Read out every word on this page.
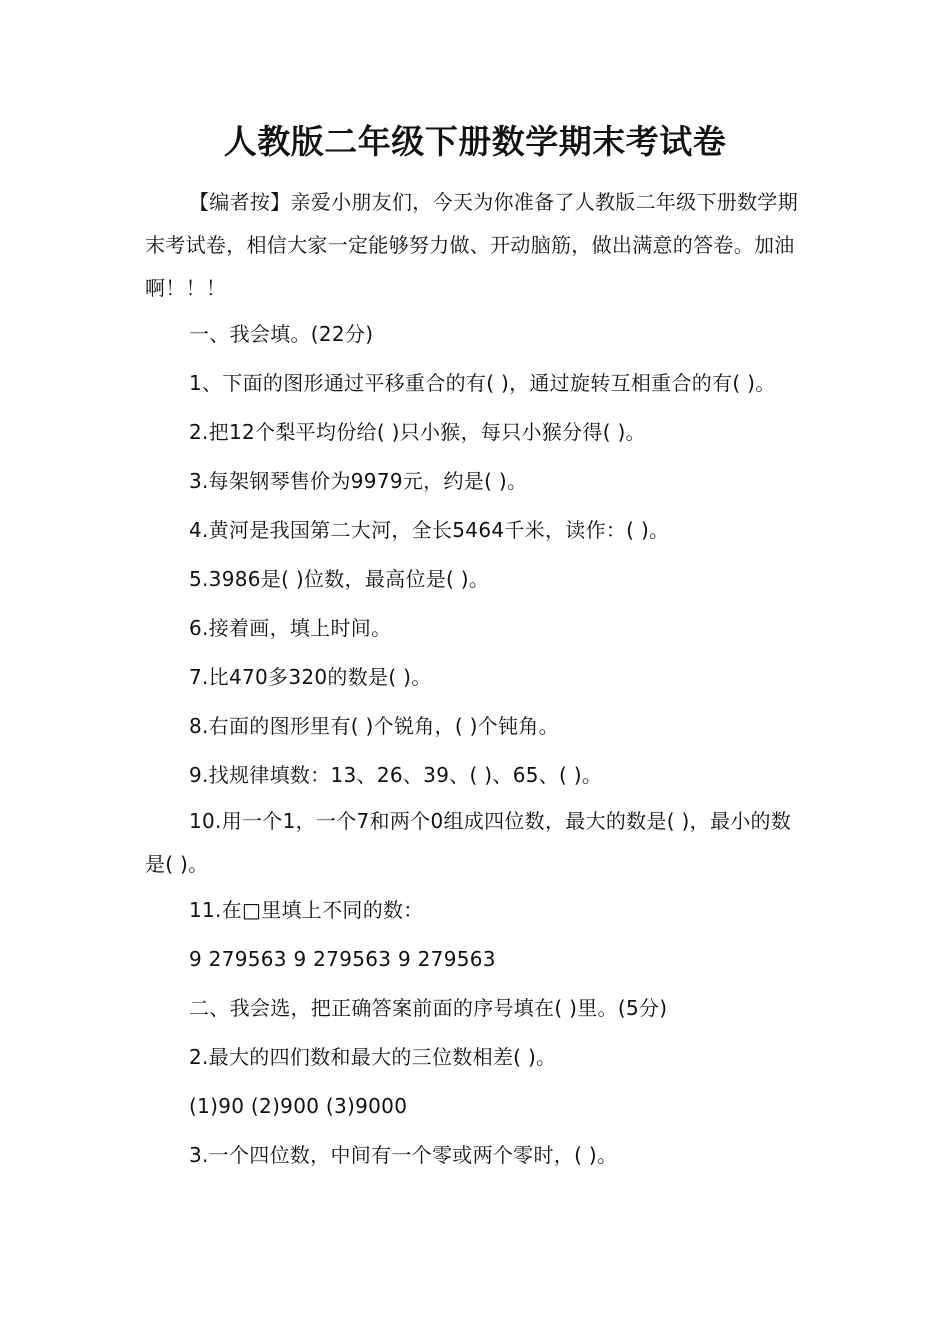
人教版二年级下册数学期末考试卷

【编者按】亲爱小朋友们，今天为你准备了人教版二年级下册数学期末考试卷，相信大家一定能够努力做、开动脑筋，做出满意的答卷。加油啊！！！

一、我会填。(22分)

1、下面的图形通过平移重合的有( )，通过旋转互相重合的有( )。

2.把12个梨平均份给( )只小猴，每只小猴分得( )。

3.每架钢琴售价为9979元，约是( )。

4.黄河是我国第二大河，全长5464千米，读作：( )。

5.3986是( )位数，最高位是( )。

6.接着画，填上时间。

7.比470多320的数是( )。

8.右面的图形里有( )个锐角，( )个钝角。

9.找规律填数：13、26、39、( )、65、( )。

10.用一个1，一个7和两个0组成四位数，最大的数是( )，最小的数是( )。

11.在□里填上不同的数：

9 279563 9 279563 9 279563

二、我会选，把正确答案前面的序号填在( )里。(5分)

2.最大的四们数和最大的三位数相差( )。

(1)90 (2)900 (3)9000

3.一个四位数，中间有一个零或两个零时，( )。
